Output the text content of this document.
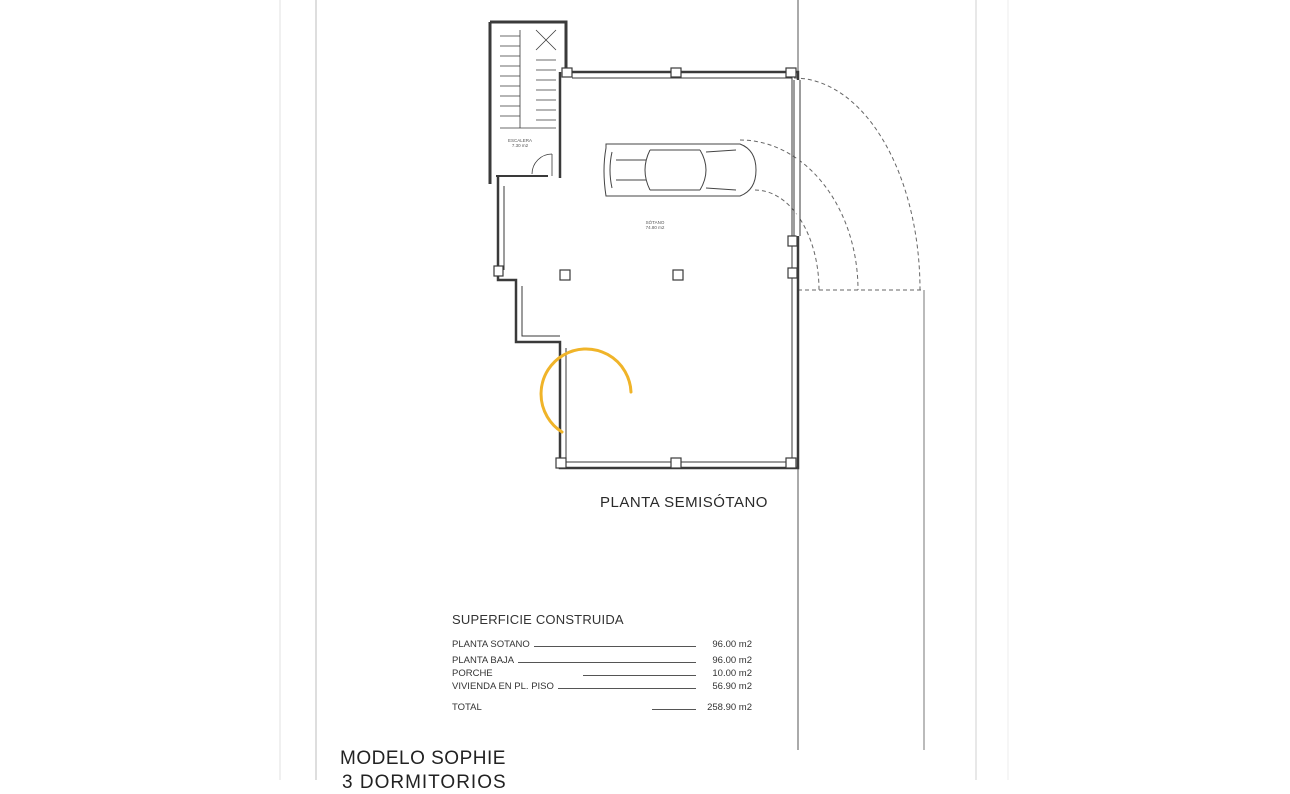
ESCALERA
7.30 m2
SÓTANO
74.80 m2
PLANTA SEMISÓTANO
SUPERFICIE CONSTRUIDA
PLANTA SOTANO	96.00 m2
PLANTA BAJA	96.00 m2
PORCHE	10.00 m2
VIVIENDA EN PL. PISO	56.90 m2
TOTAL	258.90 m2
MODELO SOPHIE
3 DORMITORIOS
